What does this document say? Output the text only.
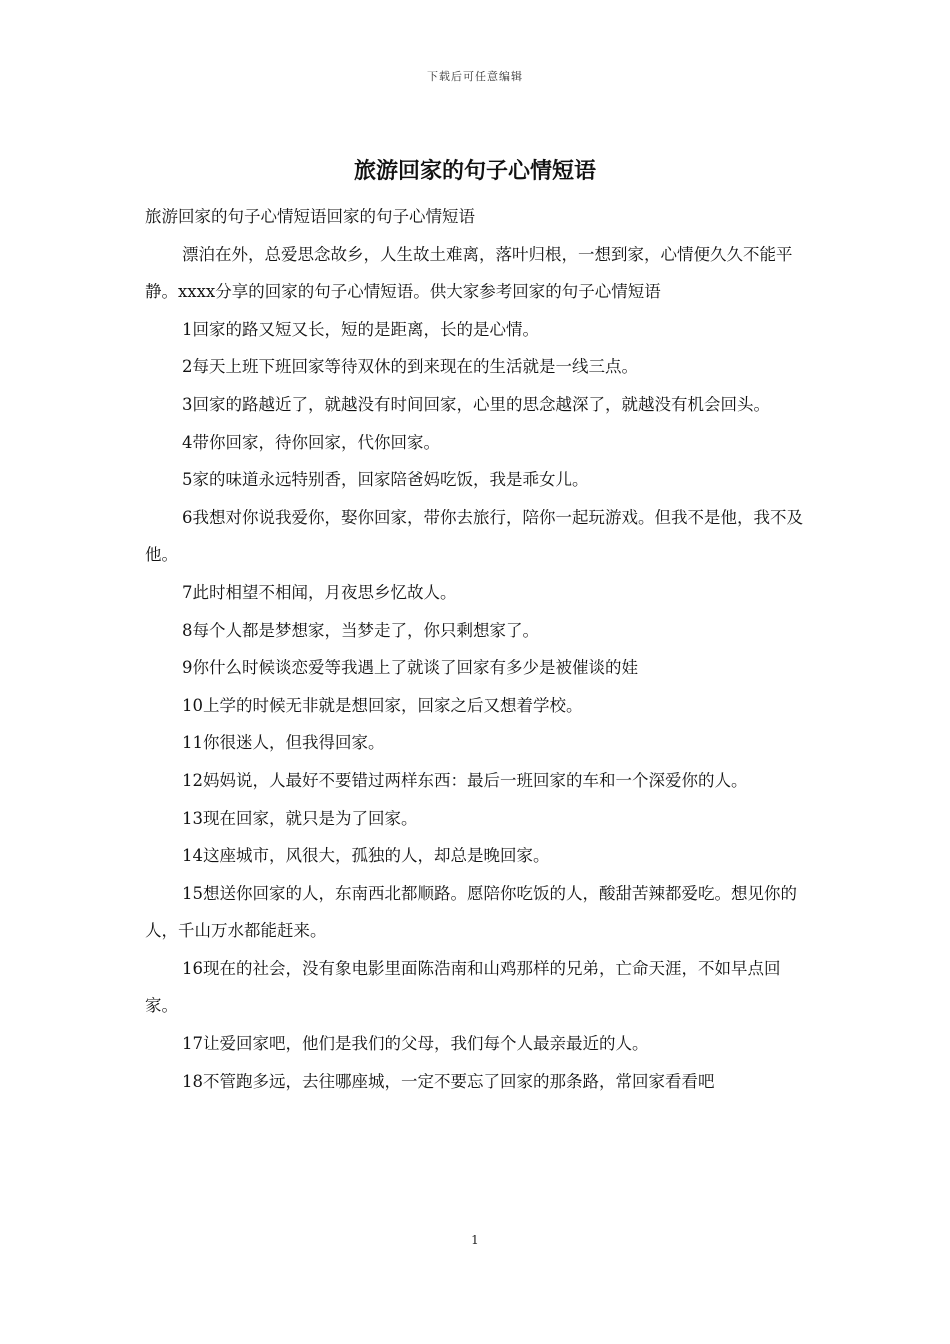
下载后可任意编辑
旅游回家的句子心情短语

旅游回家的句子心情短语回家的句子心情短语

漂泊在外，总爱思念故乡，人生故土难离，落叶归根，一想到家，心情便久久不能平静。xxxx分享的回家的句子心情短语。供大家参考回家的句子心情短语

1回家的路又短又长，短的是距离，长的是心情。

2每天上班下班回家等待双休的到来现在的生活就是一线三点。

3回家的路越近了，就越没有时间回家，心里的思念越深了，就越没有机会回头。

4带你回家，待你回家，代你回家。

5家的味道永远特别香，回家陪爸妈吃饭，我是乖女儿。

6我想对你说我爱你，娶你回家，带你去旅行，陪你一起玩游戏。但我不是他，我不及他。

7此时相望不相闻，月夜思乡忆故人。

8每个人都是梦想家，当梦走了，你只剩想家了。

9你什么时候谈恋爱等我遇上了就谈了回家有多少是被催谈的娃

10上学的时候无非就是想回家，回家之后又想着学校。

11你很迷人，但我得回家。

12妈妈说，人最好不要错过两样东西：最后一班回家的车和一个深爱你的人。

13现在回家，就只是为了回家。

14这座城市，风很大，孤独的人，却总是晚回家。

15想送你回家的人，东南西北都顺路。愿陪你吃饭的人，酸甜苦辣都爱吃。想见你的人，千山万水都能赶来。

16现在的社会，没有象电影里面陈浩南和山鸡那样的兄弟，亡命天涯，不如早点回家。

17让爱回家吧，他们是我们的父母，我们每个人最亲最近的人。

18不管跑多远，去往哪座城，一定不要忘了回家的那条路，常回家看看吧

1
